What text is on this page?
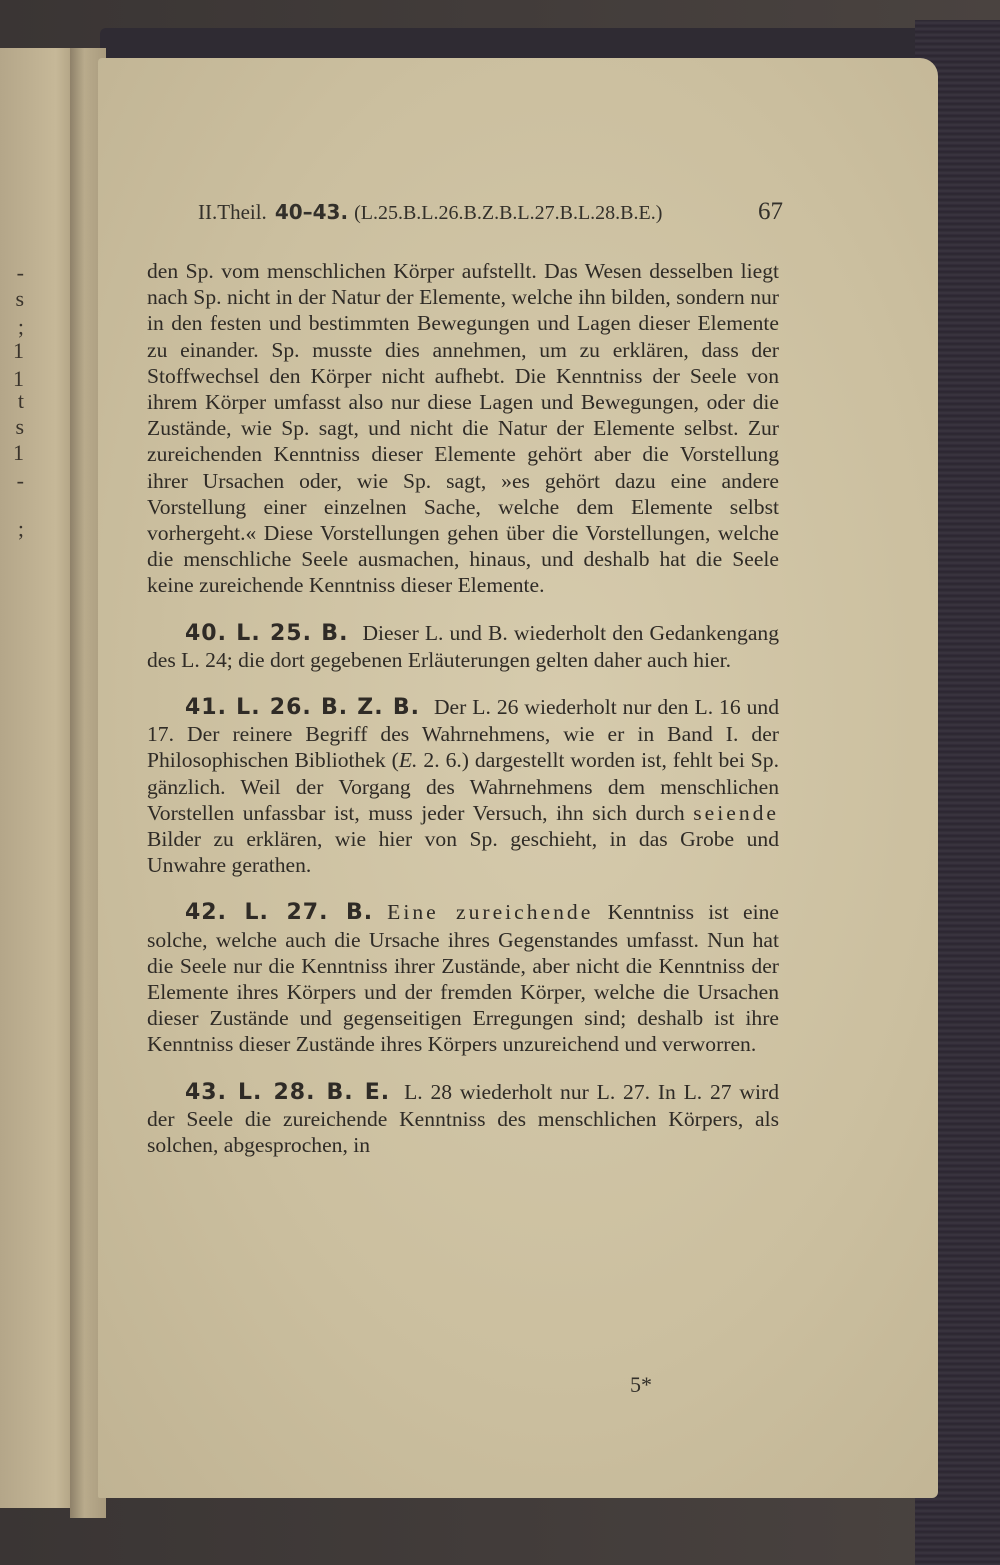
-
s
;
1
1
t
s
1
-
;
II.Theil. 40–43. (L.25.B.L.26.B.Z.B.L.27.B.L.28.B.E.)	67

den Sp. vom menschlichen Körper aufstellt. Das Wesen desselben liegt nach Sp. nicht in der Natur der Elemente, welche ihn bilden, sondern nur in den festen und bestimmten Bewegungen und Lagen dieser Elemente zu einander. Sp. musste dies annehmen, um zu erklären, dass der Stoffwechsel den Körper nicht aufhebt. Die Kenntniss der Seele von ihrem Körper umfasst also nur diese Lagen und Bewegungen, oder die Zustände, wie Sp. sagt, und nicht die Natur der Elemente selbst. Zur zureichenden Kenntniss dieser Elemente gehört aber die Vorstellung ihrer Ursachen oder, wie Sp. sagt, »es gehört dazu eine andere Vorstellung einer einzelnen Sache, welche dem Elemente selbst vorhergeht.« Diese Vorstellungen gehen über die Vorstellungen, welche die menschliche Seele ausmachen, hinaus, und deshalb hat die Seele keine zureichende Kenntniss dieser Elemente.

40. L. 25. B. Dieser L. und B. wiederholt den Gedankengang des L. 24; die dort gegebenen Erläuterungen gelten daher auch hier.

41. L. 26. B. Z. B. Der L. 26 wiederholt nur den L. 16 und 17. Der reinere Begriff des Wahrnehmens, wie er in Band I. der Philosophischen Bibliothek (E. 2. 6.) dargestellt worden ist, fehlt bei Sp. gänzlich. Weil der Vorgang des Wahrnehmens dem menschlichen Vorstellen unfassbar ist, muss jeder Versuch, ihn sich durch seiende Bilder zu erklären, wie hier von Sp. geschieht, in das Grobe und Unwahre gerathen.

42. L. 27. B. Eine zureichende Kenntniss ist eine solche, welche auch die Ursache ihres Gegenstandes umfasst. Nun hat die Seele nur die Kenntniss ihrer Zustände, aber nicht die Kenntniss der Elemente ihres Körpers und der fremden Körper, welche die Ursachen dieser Zustände und gegenseitigen Erregungen sind; deshalb ist ihre Kenntniss dieser Zustände ihres Körpers unzureichend und verworren.

43. L. 28. B. E. L. 28 wiederholt nur L. 27. In L. 27 wird der Seele die zureichende Kenntniss des menschlichen Körpers, als solchen, abgesprochen, in

5*
